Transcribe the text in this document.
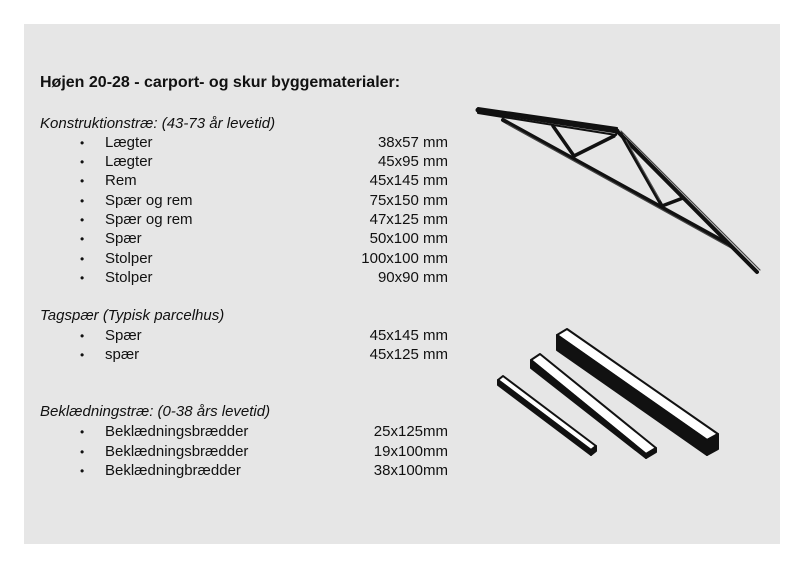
Højen 20-28 - carport- og skur byggematerialer:

Konstruktionstræ: (43-73 år levetid)

• Lægter	38x57 mm
• Lægter	45x95 mm
• Rem	45x145 mm
• Spær og rem	75x150 mm
• Spær og rem	47x125 mm
• Spær	50x100 mm
• Stolper	100x100 mm
• Stolper	90x90 mm

Tagspær (Typisk parcelhus)

• Spær	45x145 mm
• spær	45x125 mm

Beklædningstræ: (0-38 års levetid)

• Beklædningsbrædder	25x125mm
• Beklædningsbrædder	19x100mm
• Beklædningbrædder	38x100mm
